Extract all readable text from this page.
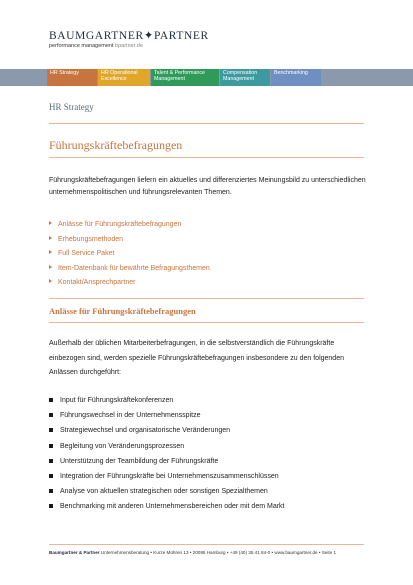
BAUMGARTNER✦PARTNER
performance management bpartner.de
HR Strategy	HR Operational Excellence
Talent & Performance Management
Compensation Management
Benchmarking
HR Strategy
Führungskräftebefragungen

Führungskräftebefragungen liefern ein aktuelles und differenziertes Meinungsbild zu unterschiedlichen unternehmenspolitischen und führungsrelevanten Themen.

Anlässe für Führungskräftebefragungen
Erhebungsmethoden
Full Service Paket
Item-Datenbank für bewährte Befragungsthemen
Kontakt/Ansprechpartner
Anlässe für Führungskräftebefragungen

Außerhalb der üblichen Mitarbeiterbefragungen, in die selbstverständlich die Führungskräfte einbezogen sind, werden spezielle Führungskräftebefragungen insbesondere zu den folgenden Anlässen durchgeführt:

Input für Führungskräftekonferenzen
Führungswechsel in der Unternehmensspitze
Strategiewechsel und organisatorische Veränderungen
Begleitung von Veränderungsprozessen
Unterstützung der Teambildung der Führungskräfte
Integration der Führungskräfte bei Unternehmenszusammenschlüssen
Analyse von aktuellen strategischen oder sonstigen Spezialthemen
Benchmarking mit anderen Unternehmensbereichen oder mit dem Markt
Baumgartner & Partner Unternehmensberatung • Kurze Mühren 13 • 20095 Hamburg • +49 (40) 35 41 84-0 • www.baumgartner.de • Seite 1
